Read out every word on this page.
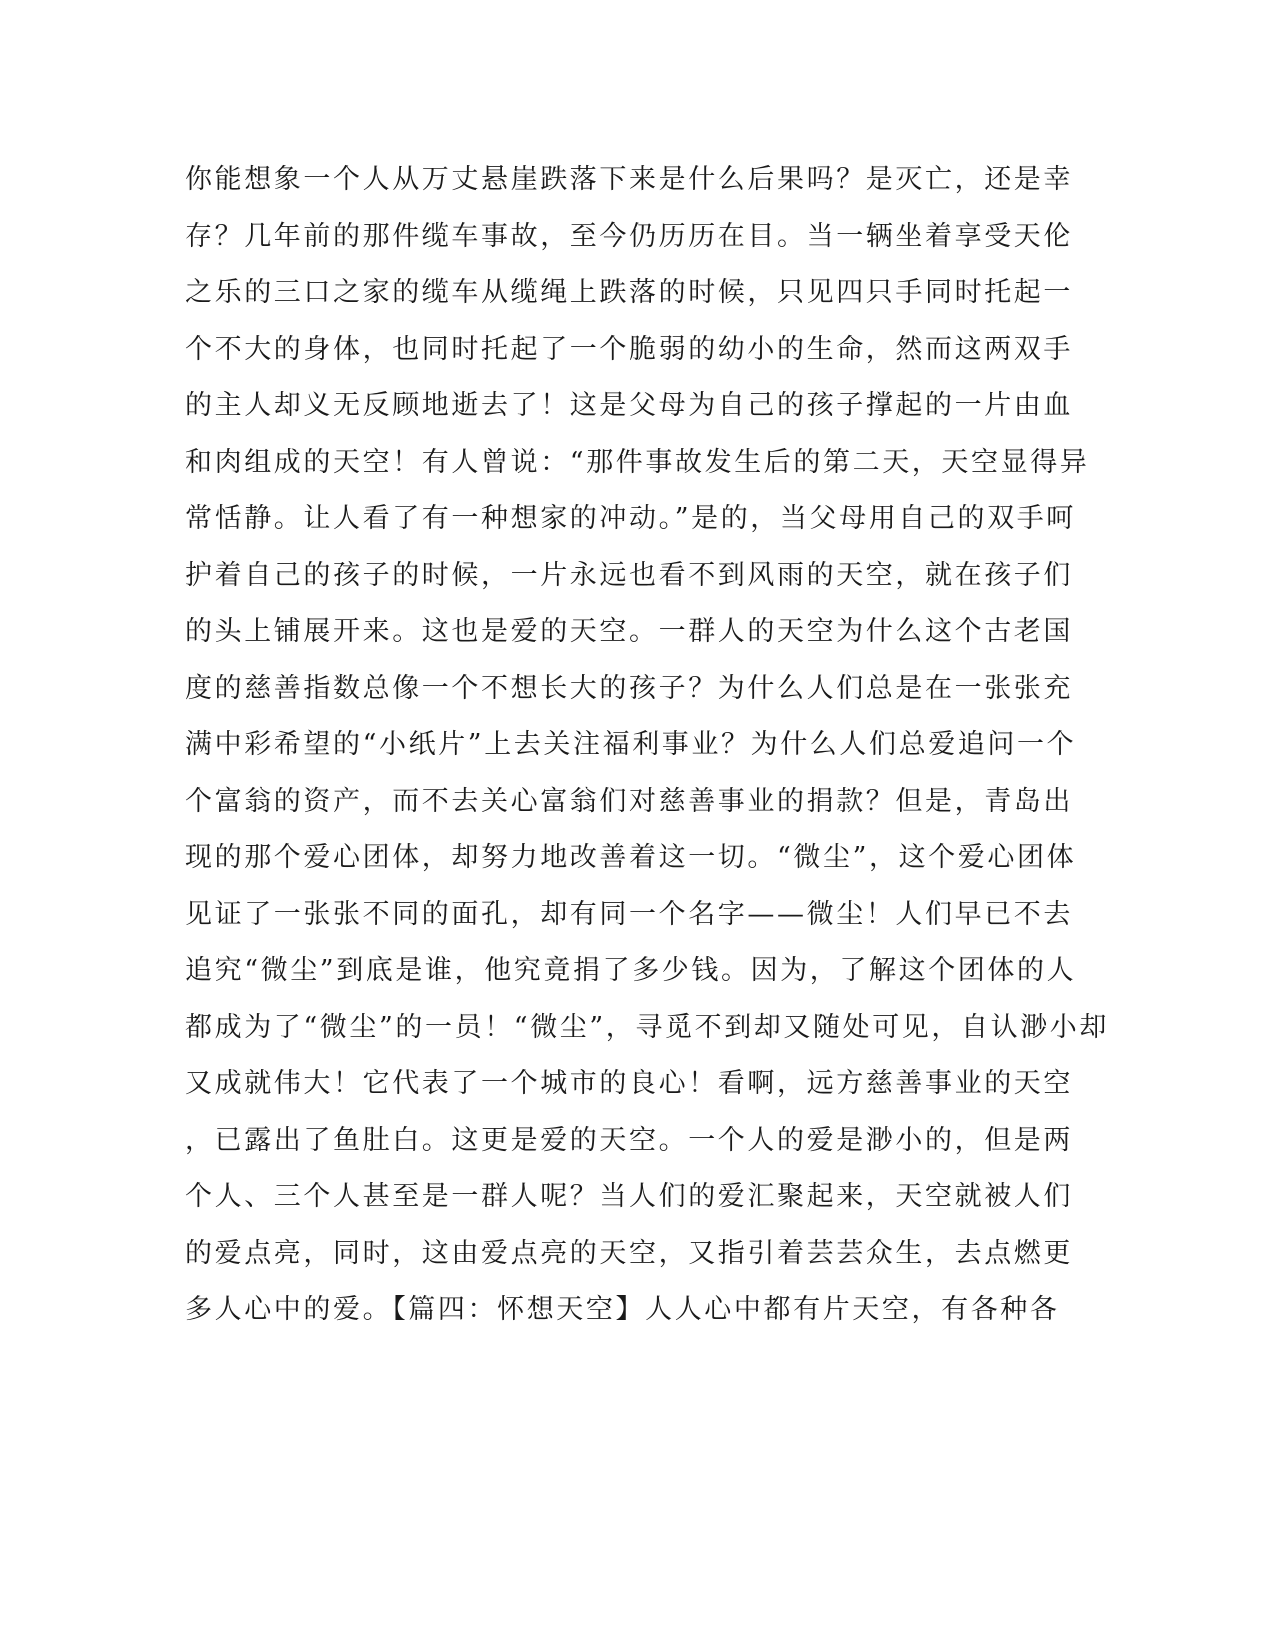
你能想象一个人从万丈悬崖跌落下来是什么后果吗？是灭亡，还是幸
存？几年前的那件缆车事故，至今仍历历在目。当一辆坐着享受天伦
之乐的三口之家的缆车从缆绳上跌落的时候，只见四只手同时托起一
个不大的身体，也同时托起了一个脆弱的幼小的生命，然而这两双手
的主人却义无反顾地逝去了！这是父母为自己的孩子撑起的一片由血
和肉组成的天空！有人曾说：“那件事故发生后的第二天，天空显得异
常恬静。让人看了有一种想家的冲动。”是的，当父母用自己的双手呵
护着自己的孩子的时候，一片永远也看不到风雨的天空，就在孩子们
的头上铺展开来。这也是爱的天空。一群人的天空为什么这个古老国
度的慈善指数总像一个不想长大的孩子？为什么人们总是在一张张充
满中彩希望的“小纸片”上去关注福利事业？为什么人们总爱追问一个
个富翁的资产，而不去关心富翁们对慈善事业的捐款？但是，青岛出
现的那个爱心团体，却努力地改善着这一切。“微尘”，这个爱心团体
见证了一张张不同的面孔，却有同一个名字——微尘！人们早已不去
追究“微尘”到底是谁，他究竟捐了多少钱。因为，了解这个团体的人
都成为了“微尘”的一员！“微尘”，寻觅不到却又随处可见，自认渺小却
又成就伟大！它代表了一个城市的良心！看啊，远方慈善事业的天空
，已露出了鱼肚白。这更是爱的天空。一个人的爱是渺小的，但是两
个人、三个人甚至是一群人呢？当人们的爱汇聚起来，天空就被人们
的爱点亮，同时，这由爱点亮的天空，又指引着芸芸众生，去点燃更
多人心中的爱。【篇四：怀想天空】人人心中都有片天空，有各种各
